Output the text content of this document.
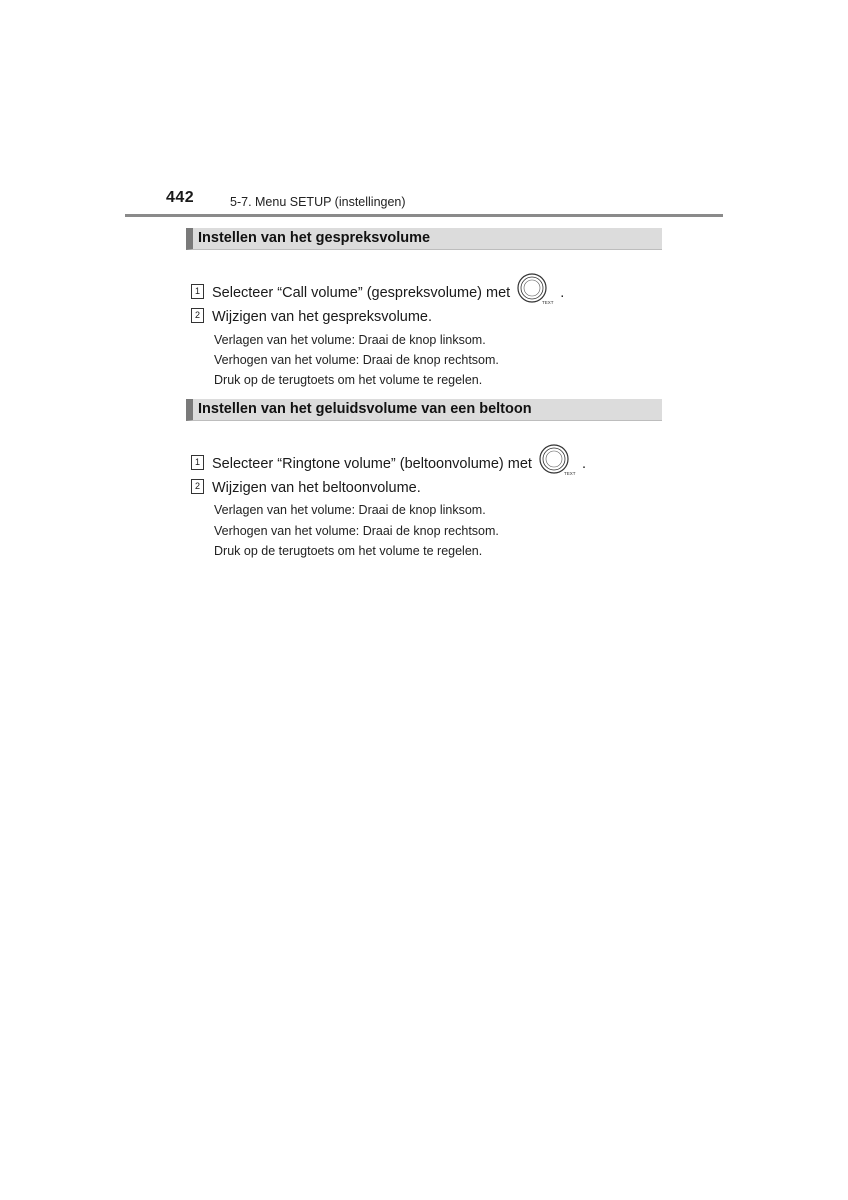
442	5-7. Menu SETUP (instellingen)
Instellen van het gespreksvolume
1 Selecteer “Call volume” (gespreksvolume) met
TEXT
.
2 Wijzigen van het gespreksvolume.
Verlagen van het volume: Draai de knop linksom.
Verhogen van het volume: Draai de knop rechtsom.
Druk op de terugtoets om het volume te regelen.
Instellen van het geluidsvolume van een beltoon
1 Selecteer “Ringtone volume” (beltoonvolume) met
TEXT
.
2 Wijzigen van het beltoonvolume.
Verlagen van het volume: Draai de knop linksom.
Verhogen van het volume: Draai de knop rechtsom.
Druk op de terugtoets om het volume te regelen.
